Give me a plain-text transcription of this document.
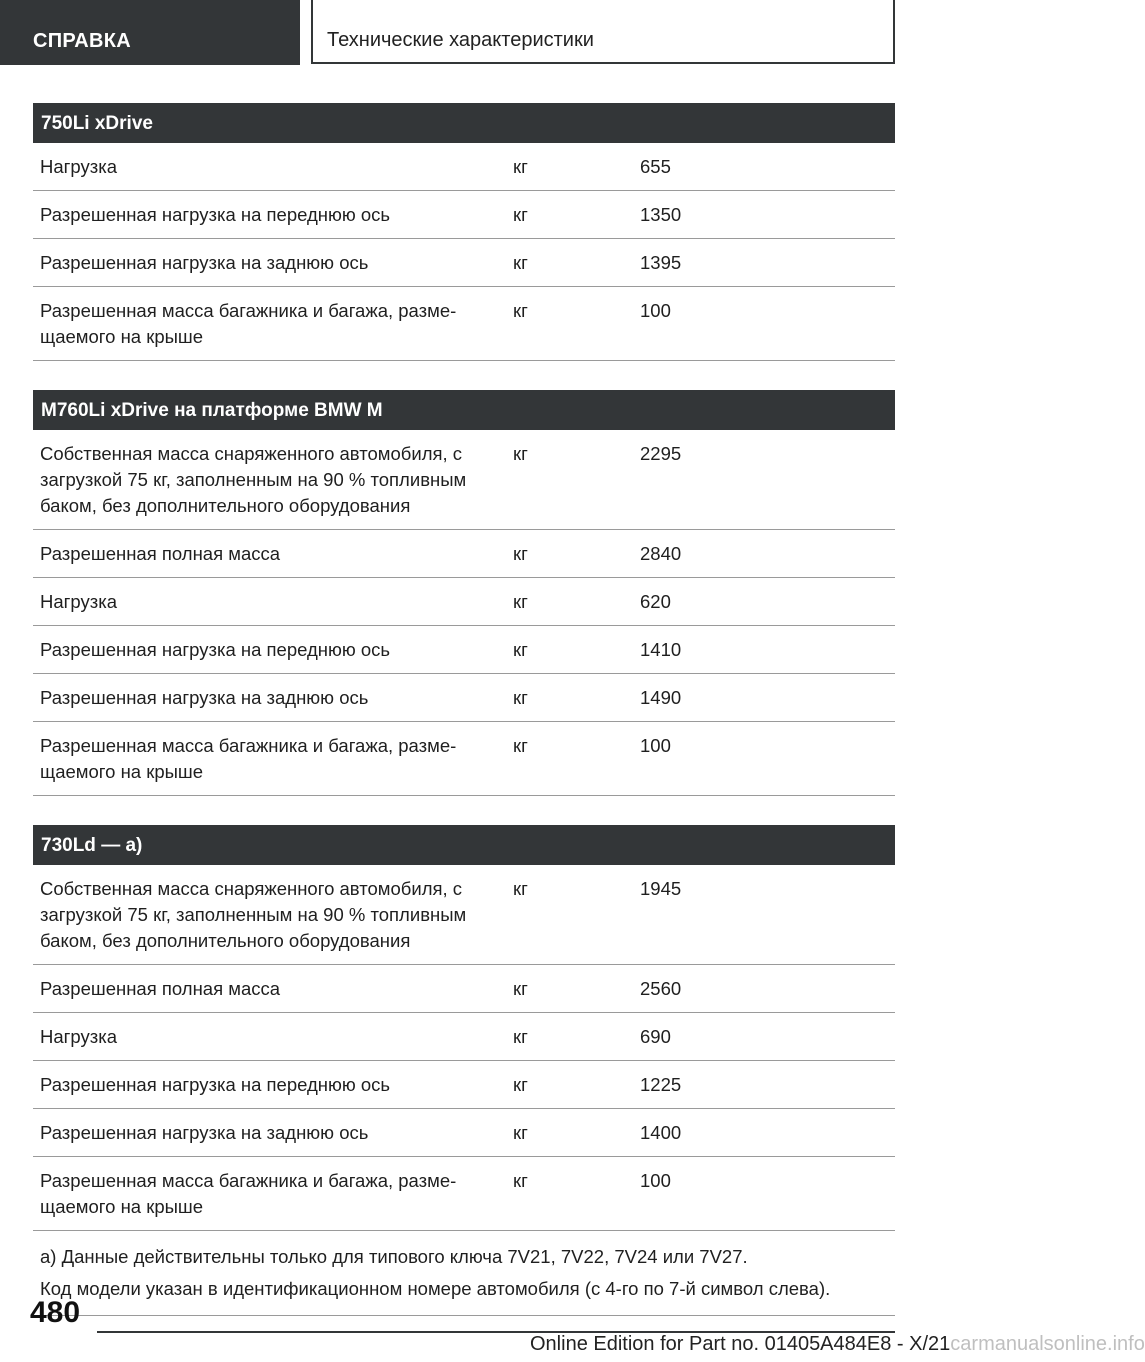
СПРАВКА	Технические характеристики
750Li xDrive
Нагрузка	кг	655
Разрешенная нагрузка на переднюю ось	кг	1350
Разрешенная нагрузка на заднюю ось	кг	1395
Разрешенная масса багажника и багажа, разме-
щаемого на крыше
кг	100
M760Li xDrive на платформе BMW M
Собственная масса снаряженного автомобиля, с
загрузкой 75 кг, заполненным на 90 % топливным
баком, без дополнительного оборудования
кг	2295
Разрешенная полная масса	кг	2840
Нагрузка	кг	620
Разрешенная нагрузка на переднюю ось	кг	1410
Разрешенная нагрузка на заднюю ось	кг	1490
Разрешенная масса багажника и багажа, разме-
щаемого на крыше
кг	100
730Ld — a)
Собственная масса снаряженного автомобиля, с
загрузкой 75 кг, заполненным на 90 % топливным
баком, без дополнительного оборудования
кг	1945
Разрешенная полная масса	кг	2560
Нагрузка	кг	690
Разрешенная нагрузка на переднюю ось	кг	1225
Разрешенная нагрузка на заднюю ось	кг	1400
Разрешенная масса багажника и багажа, разме-
щаемого на крыше
кг	100
a) Данные действительны только для типового ключа 7V21, 7V22, 7V24 или 7V27.
Код модели указан в идентификационном номере автомобиля (с 4-го по 7-й символ слева).
480
Online Edition for Part no. 01405A484E8 - X/21carmanualsonline.info
